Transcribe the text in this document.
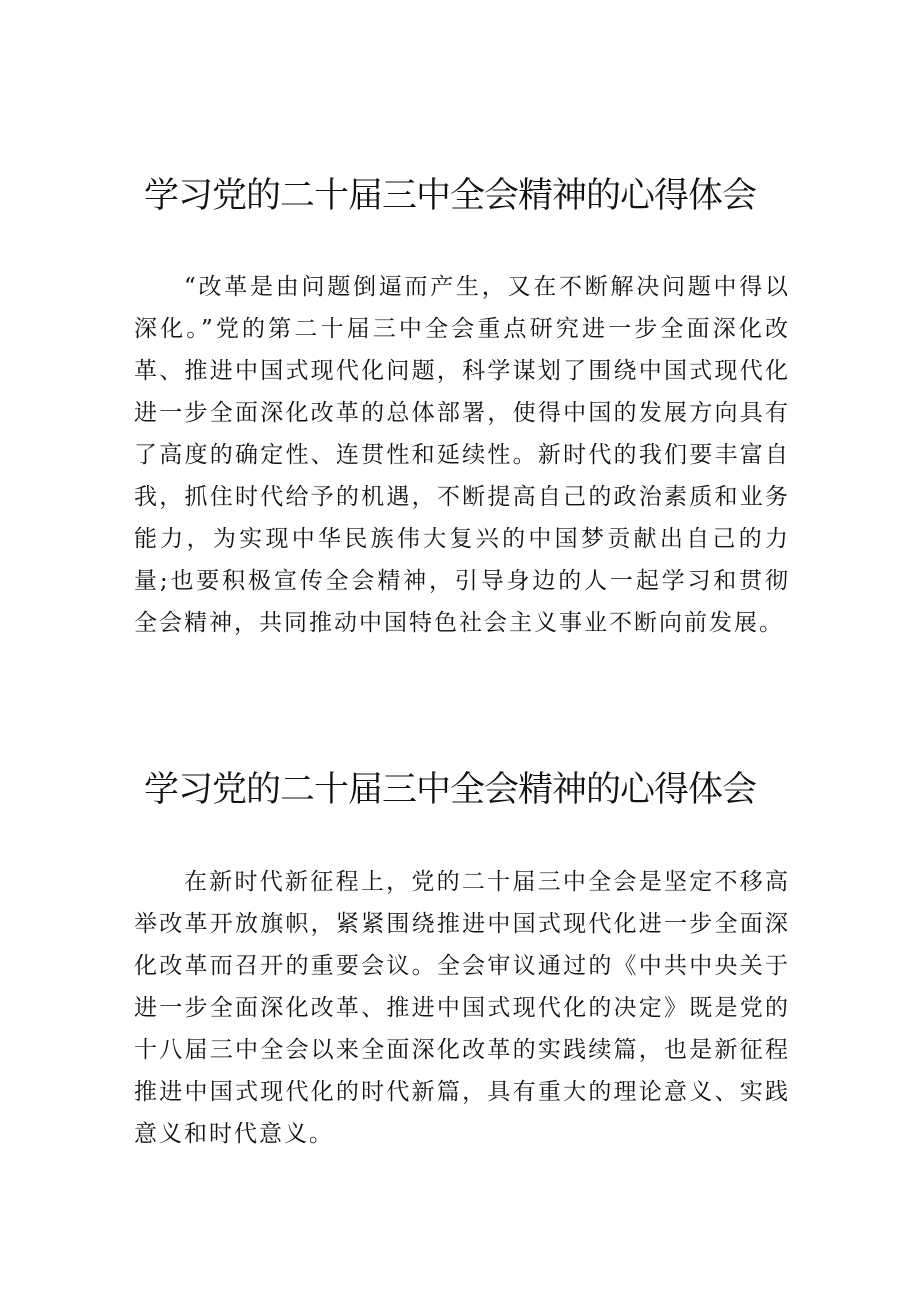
学习党的二十届三中全会精神的心得体会

“改革是由问题倒逼而产生，又在不断解决问题中得以深化。”党的第二十届三中全会重点研究进一步全面深化改革、推进中国式现代化问题，科学谋划了围绕中国式现代化进一步全面深化改革的总体部署，使得中国的发展方向具有了高度的确定性、连贯性和延续性。新时代的我们要丰富自我，抓住时代给予的机遇，不断提高自己的政治素质和业务能力，为实现中华民族伟大复兴的中国梦贡献出自己的力量;也要积极宣传全会精神，引导身边的人一起学习和贯彻全会精神，共同推动中国特色社会主义事业不断向前发展。

学习党的二十届三中全会精神的心得体会

在新时代新征程上，党的二十届三中全会是坚定不移高举改革开放旗帜，紧紧围绕推进中国式现代化进一步全面深化改革而召开的重要会议。全会审议通过的《中共中央关于进一步全面深化改革、推进中国式现代化的决定》既是党的十八届三中全会以来全面深化改革的实践续篇，也是新征程推进中国式现代化的时代新篇，具有重大的理论意义、实践意义和时代意义。
